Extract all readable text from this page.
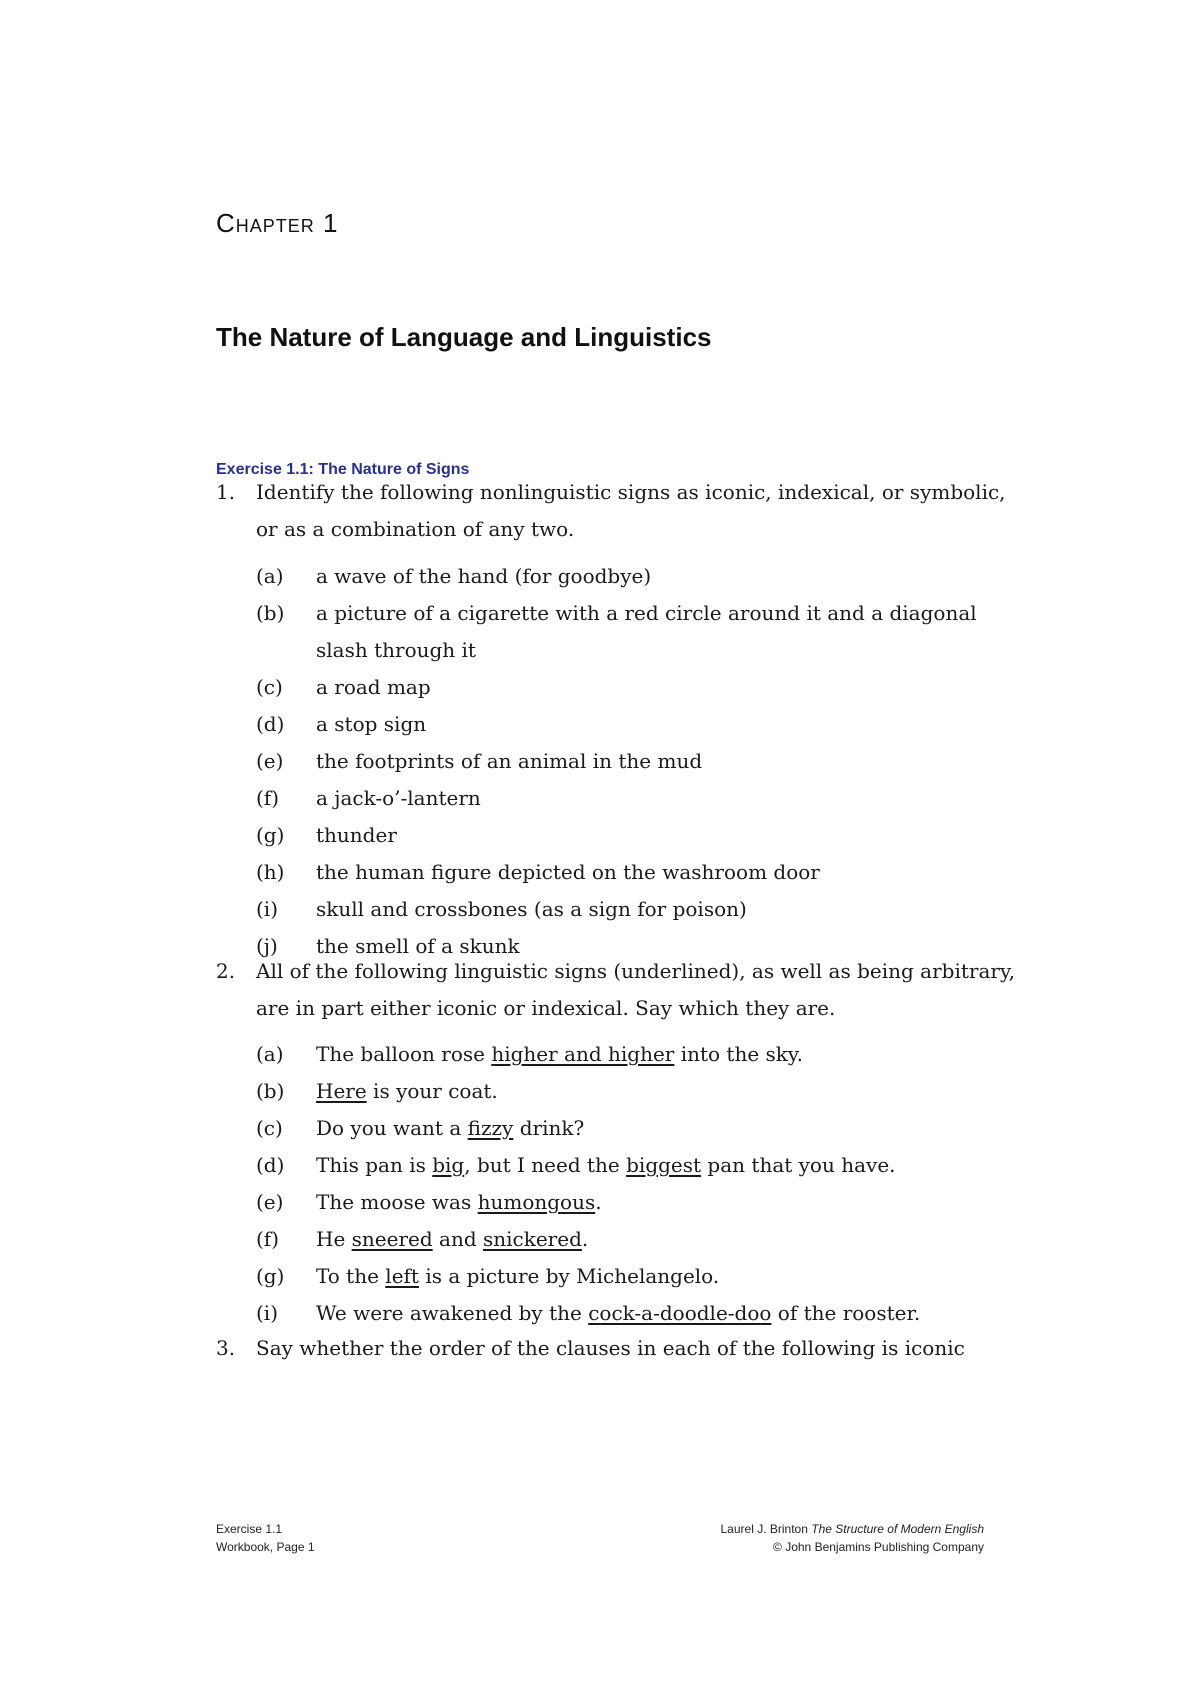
Chapter 1
The Nature of Language and Linguistics
Exercise 1.1: The Nature of Signs
1. Identify the following nonlinguistic signs as iconic, indexical, or symbolic, or as a combination of any two.
(a) a wave of the hand (for goodbye)
(b) a picture of a cigarette with a red circle around it and a diagonal slash through it
(c) a road map
(d) a stop sign
(e) the footprints of an animal in the mud
(f) a jack-o’-lantern
(g) thunder
(h) the human figure depicted on the washroom door
(i) skull and crossbones (as a sign for poison)
(j) the smell of a skunk
2. All of the following linguistic signs (underlined), as well as being arbitrary, are in part either iconic or indexical. Say which they are.
(a) The balloon rose higher and higher into the sky.
(b) Here is your coat.
(c) Do you want a fizzy drink?
(d) This pan is big, but I need the biggest pan that you have.
(e) The moose was humongous.
(f) He sneered and snickered.
(g) To the left is a picture by Michelangelo.
(i) We were awakened by the cock-a-doodle-doo of the rooster.
3. Say whether the order of the clauses in each of the following is iconic
Exercise 1.1
Workbook, Page 1
Laurel J. Brinton The Structure of Modern English
© John Benjamins Publishing Company
